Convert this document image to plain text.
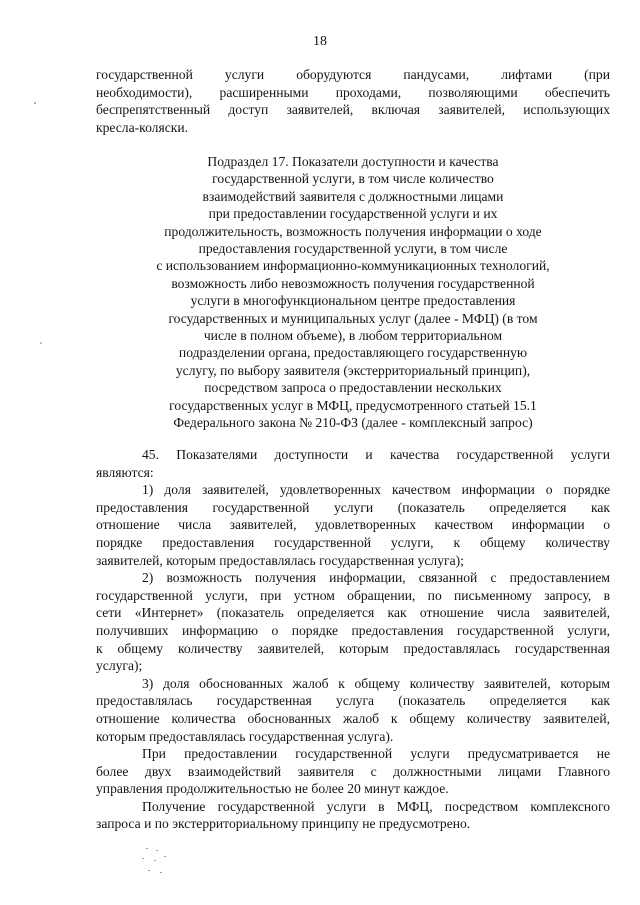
18
государственной услуги оборудуются пандусами, лифтами (при
необходимости), расширенными проходами, позволяющими обеспечить
беспрепятственный доступ заявителей, включая заявителей, использующих
кресла-коляски.
Подраздел 17. Показатели доступности и качества
государственной услуги, в том числе количество
взаимодействий заявителя с должностными лицами
при предоставлении государственной услуги и их
продолжительность, возможность получения информации о ходе
предоставления государственной услуги, в том числе
с использованием информационно-коммуникационных технологий,
возможность либо невозможность получения государственной
услуги в многофункциональном центре предоставления
государственных и муниципальных услуг (далее - МФЦ) (в том
числе в полном объеме), в любом территориальном
подразделении органа, предоставляющего государственную
услугу, по выбору заявителя (экстерриториальный принцип),
посредством запроса о предоставлении нескольких
государственных услуг в МФЦ, предусмотренного статьей 15.1
Федерального закона № 210-ФЗ (далее - комплексный запрос)
45. Показателями доступности и качества государственной услуги
являются:
1) доля заявителей, удовлетворенных качеством информации о порядке
предоставления государственной услуги (показатель определяется как
отношение числа заявителей, удовлетворенных качеством информации о
порядке предоставления государственной услуги, к общему количеству
заявителей, которым предоставлялась государственная услуга);
2) возможность получения информации, связанной с предоставлением
государственной услуги, при устном обращении, по письменному запросу, в
сети «Интернет» (показатель определяется как отношение числа заявителей,
получивших информацию о порядке предоставления государственной услуги,
к общему количеству заявителей, которым предоставлялась государственная
услуга);
3) доля обоснованных жалоб к общему количеству заявителей, которым
предоставлялась государственная услуга (показатель определяется как
отношение количества обоснованных жалоб к общему количеству заявителей,
которым предоставлялась государственная услуга).
При предоставлении государственной услуги предусматривается не
более двух взаимодействий заявителя с должностными лицами Главного
управления продолжительностью не более 20 минут каждое.
Получение государственной услуги в МФЦ, посредством комплексного
запроса и по экстерриториальному принципу не предусмотрено.
